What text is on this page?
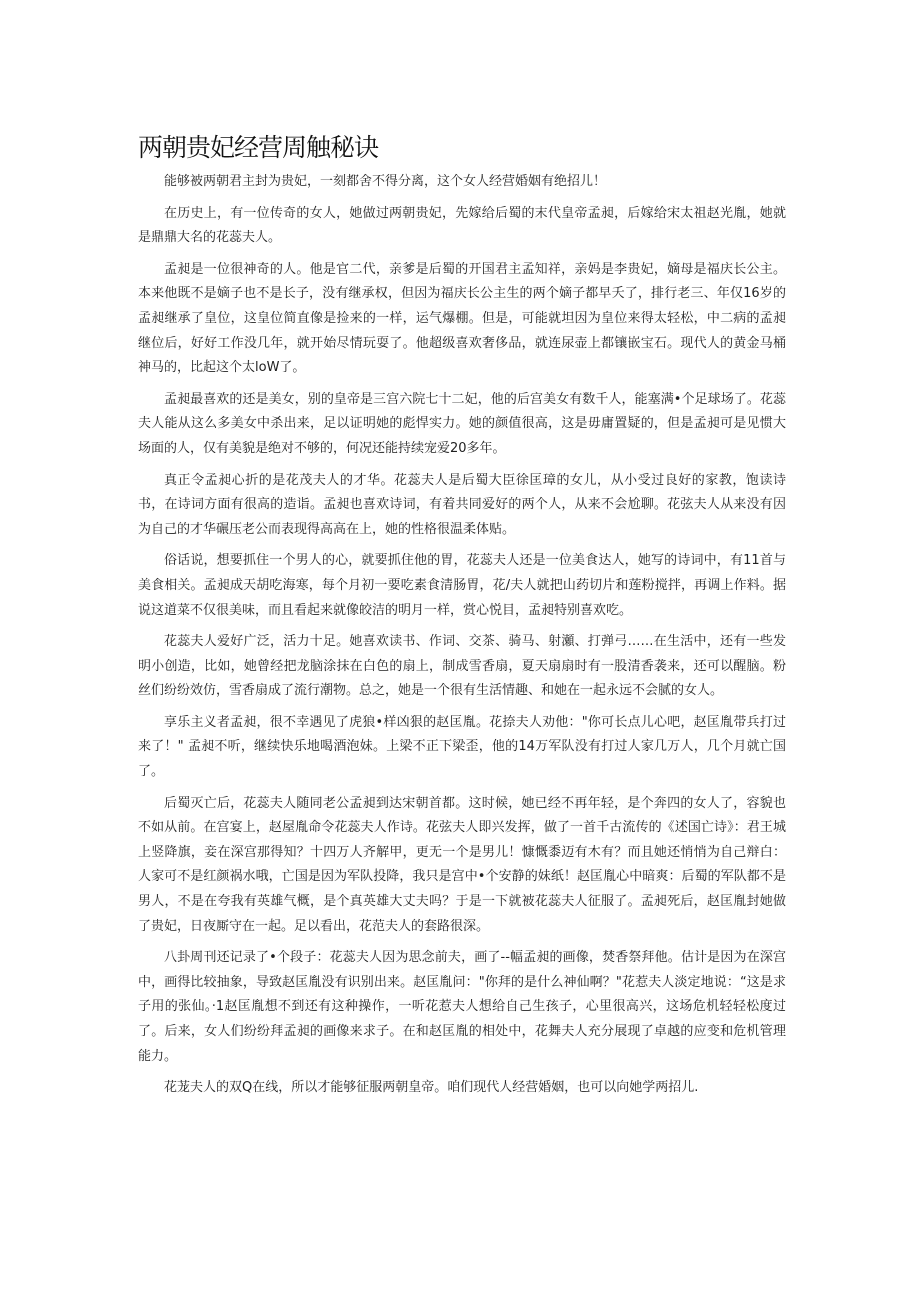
两朝贵妃经营周触秘诀

能够被两朝君主封为贵妃，一刻都舍不得分离，这个女人经营婚姻有绝招儿！

在历史上，有一位传奇的女人，她做过两朝贵妃，先嫁给后蜀的末代皇帝孟昶，后嫁给宋太祖赵光胤，她就是鼎鼎大名的花蕊夫人。

孟昶是一位很神奇的人。他是官二代，亲爹是后蜀的开国君主孟知祥，亲妈是李贵妃，嫡母是福庆长公主。本来他既不是嫡子也不是长子，没有继承权，但因为福庆长公主生的两个嫡子都早夭了，排行老三、年仅16岁的孟昶继承了皇位，这皇位简直像是捡来的一样，运气爆棚。但是，可能就坦因为皇位来得太轻松，中二病的孟昶继位后，好好工作没几年，就开始尽情玩耍了。他超级喜欢奢侈品，就连尿壶上都镶嵌宝石。现代人的黄金马桶神马的，比起这个太loW了。

孟昶最喜欢的还是美女，别的皇帝是三宫六院七十二妃，他的后宫美女有数千人，能塞满•个足球场了。花蕊夫人能从这么多美女中杀出来，足以证明她的彪悍实力。她的颜值很高，这是毋庸置疑的，但是孟昶可是见惯大场面的人，仅有美貌是绝对不够的，何况还能持续宠爱20多年。

真正令孟昶心折的是花茂夫人的才华。花蕊夫人是后蜀大臣徐匡璋的女儿，从小受过良好的家教，饱读诗书，在诗词方面有很高的造诣。孟昶也喜欢诗词，有着共同爱好的两个人，从来不会尬聊。花弦夫人从来没有因为自己的才华碾压老公而表现得高高在上，她的性格很温柔体贴。

俗话说，想要抓住一个男人的心，就要抓住他的胃，花蕊夫人还是一位美食达人，她写的诗词中，有11首与美食相关。孟昶成天胡吃海寒，每个月初一要吃素食清肠胃，花/夫人就把山药切片和莲粉搅拌，再调上作料。据说这道菜不仅很美味，而且看起来就像皎洁的明月一样，赏心悦目，孟昶特别喜欢吃。

花蕊夫人爱好广泛，活力十足。她喜欢读书、作词、交茶、骑马、射瀬、打弹弓……在生活中，还有一些发明小创造，比如，她曾经把龙脑涂抹在白色的扇上，制成雪香扇，夏天扇扇时有一股清香袭来，还可以醒脑。粉丝们纷纷效仿，雪香扇成了流行潮物。总之，她是一个很有生活情趣、和她在一起永远不会腻的女人。

享乐主义者孟昶，很不幸遇见了虎狼•样凶狠的赵匡胤。花捺夫人劝他："你可长点儿心吧，赵匡胤带兵打过来了！" 孟昶不听，继续快乐地喝酒泡妹。上梁不正下梁歪，他的14万军队没有打过人家几万人，几个月就亡国了。

后蜀灭亡后，花蕊夫人随同老公孟昶到达宋朝首都。这时候，她已经不再年轻，是个奔四的女人了，容貌也不如从前。在宫宴上，赵屋胤命令花蕊夫人作诗。花弦夫人即兴发挥，做了一首千古流传的《述国亡诗》：君王城上竖降旗，妾在深宫那得知？十四万人齐解甲，更无一个是男儿！慷慨黍迈有木有？而且她还悄悄为自己辩白：人家可不是红颜祸水哦，亡国是因为军队投降，我只是宫中•个安静的妹纸！赵匡胤心中暗爽：后蜀的军队都不是男人，不是在夸我有英雄气概，是个真英雄大丈夫吗？于是一下就被花蕊夫人征服了。孟昶死后，赵匡胤封她做了贵妃，日夜厮守在一起。足以看出，花范夫人的套路很深。

八卦周刊还记录了•个段子：花蕊夫人因为思念前夫，画了--幅孟昶的画像，焚香祭拜他。估计是因为在深宫中，画得比较抽象，导致赵匡胤没有识别出来。赵匡胤问："你拜的是什么神仙啊？"花惹夫人淡定地说：“这是求子用的张仙。·1赵匡胤想不到还有这种操作，一听花惹夫人想给自己生孩子，心里很高兴，这场危机轻轻松度过了。后来，女人们纷纷拜孟昶的画像来求子。在和赵匡胤的相处中，花舞夫人充分展现了卓越的应变和危机管理能力。

花茏夫人的双Q在线，所以才能够征服两朝皇帝。咱们现代人经营婚姻，也可以向她学两招儿.
